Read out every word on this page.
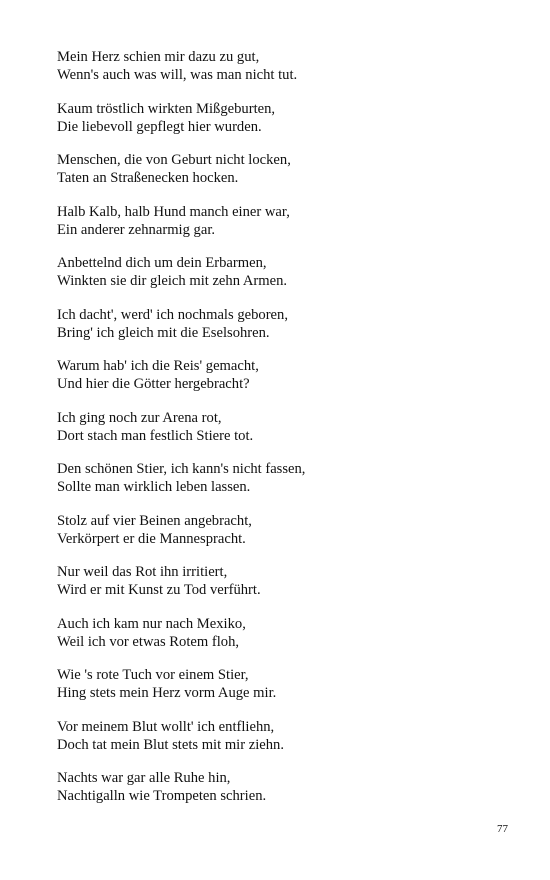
Mein Herz schien mir dazu zu gut,
Wenn's auch was will, was man nicht tut.
Kaum tröstlich wirkten Mißgeburten,
Die liebevoll gepflegt hier wurden.
Menschen, die von Geburt nicht locken,
Taten an Straßenecken hocken.
Halb Kalb, halb Hund manch einer war,
Ein anderer zehnarmig gar.
Anbettelnd dich um dein Erbarmen,
Winkten sie dir gleich mit zehn Armen.
Ich dacht', werd' ich nochmals geboren,
Bring' ich gleich mit die Eselsohren.
Warum hab' ich die Reis' gemacht,
Und hier die Götter hergebracht?
Ich ging noch zur Arena rot,
Dort stach man festlich Stiere tot.
Den schönen Stier, ich kann's nicht fassen,
Sollte man wirklich leben lassen.
Stolz auf vier Beinen angebracht,
Verkörpert er die Mannespracht.
Nur weil das Rot ihn irritiert,
Wird er mit Kunst zu Tod verführt.
Auch ich kam nur nach Mexiko,
Weil ich vor etwas Rotem floh,
Wie 's rote Tuch vor einem Stier,
Hing stets mein Herz vorm Auge mir.
Vor meinem Blut wollt' ich entfliehn,
Doch tat mein Blut stets mit mir ziehn.
Nachts war gar alle Ruhe hin,
Nachtigalln wie Trompeten schrien.
77
